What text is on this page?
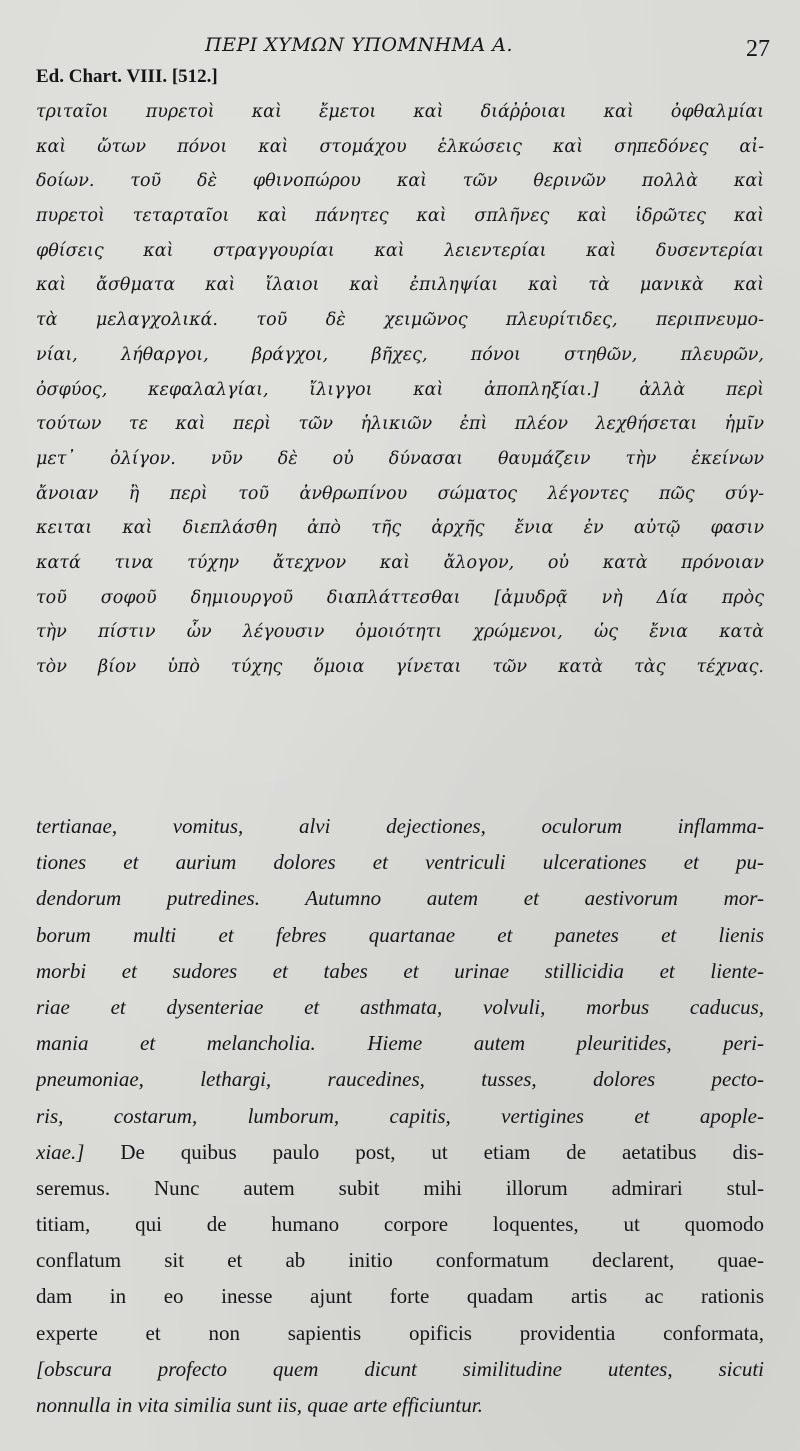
ΠΕΡΙ ΧΥΜΩΝ ΥΠΟΜΝΗΜΑ Α.	27
Ed. Chart. VIII. [512.]
τριταῖοι πυρετοὶ καὶ ἔμετοι καὶ διάῤῥοιαι καὶ ὀφθαλμίαι
καὶ ὤτων πόνοι καὶ στομάχου ἑλκώσεις καὶ σηπεδόνες αἰ-
δοίων. τοῦ δὲ φθινοπώρου καὶ τῶν θερινῶν πολλὰ καὶ
πυρετοὶ τεταρταῖοι καὶ πάνητες καὶ σπλῆνες καὶ ἱδρῶτες καὶ
φθίσεις καὶ στραγγουρίαι καὶ λειεντερίαι καὶ δυσεντερίαι
καὶ ἄσθματα καὶ ἴλαιοι καὶ ἐπιληψίαι καὶ τὰ μανικὰ καὶ
τὰ μελαγχολικά. τοῦ δὲ χειμῶνος πλευρίτιδες, περιπνευμο-
νίαι, λήθαργοι, βράγχοι, βῆχες, πόνοι στηθῶν, πλευρῶν,
ὀσφύος, κεφαλαλγίαι, ἴλιγγοι καὶ ἀποπληξίαι.] ἀλλὰ περὶ
τούτων τε καὶ περὶ τῶν ἡλικιῶν ἐπὶ πλέον λεχθήσεται ἡμῖν
μετ᾽ ὀλίγον. νῦν δὲ οὐ δύνασαι θαυμάζειν τὴν ἐκείνων
ἄνοιαν ἢ περὶ τοῦ ἀνθρωπίνου σώματος λέγοντες πῶς σύγ-
κειται καὶ διεπλάσθη ἀπὸ τῆς ἀρχῆς ἔνια ἐν αὐτῷ φασιν
κατά τινα τύχην ἄτεχνον καὶ ἄλογον, οὐ κατὰ πρόνοιαν
τοῦ σοφοῦ δημιουργοῦ διαπλάττεσθαι [ἀμυδρᾷ νὴ Δία πρὸς
τὴν πίστιν ὧν λέγουσιν ὁμοιότητι χρώμενοι, ὡς ἔνια κατὰ
τὸν βίον ὑπὸ τύχης ὅμοια γίνεται τῶν κατὰ τὰς τέχνας.
tertianae, vomitus, alvi dejectiones, oculorum inflamma-
tiones et aurium dolores et ventriculi ulcerationes et pu-
dendorum putredines. Autumno autem et aestivorum mor-
borum multi et febres quartanae et panetes et lienis
morbi et sudores et tabes et urinae stillicidia et liente-
riae et dysenteriae et asthmata, volvuli, morbus caducus,
mania et melancholia. Hieme autem pleuritides, peri-
pneumoniae, lethargi, raucedines, tusses, dolores pecto-
ris, costarum, lumborum, capitis, vertigines et apople-
xiae.] De quibus paulo post, ut etiam de aetatibus dis-
seremus. Nunc autem subit mihi illorum admirari stul-
titiam, qui de humano corpore loquentes, ut quomodo
conflatum sit et ab initio conformatum declarent, quae-
dam in eo inesse ajunt forte quadam artis ac rationis
experte et non sapientis opificis providentia conformata,
[obscura profecto quem dicunt similitudine utentes, sicuti
nonnulla in vita similia sunt iis, quae arte efficiuntur.
